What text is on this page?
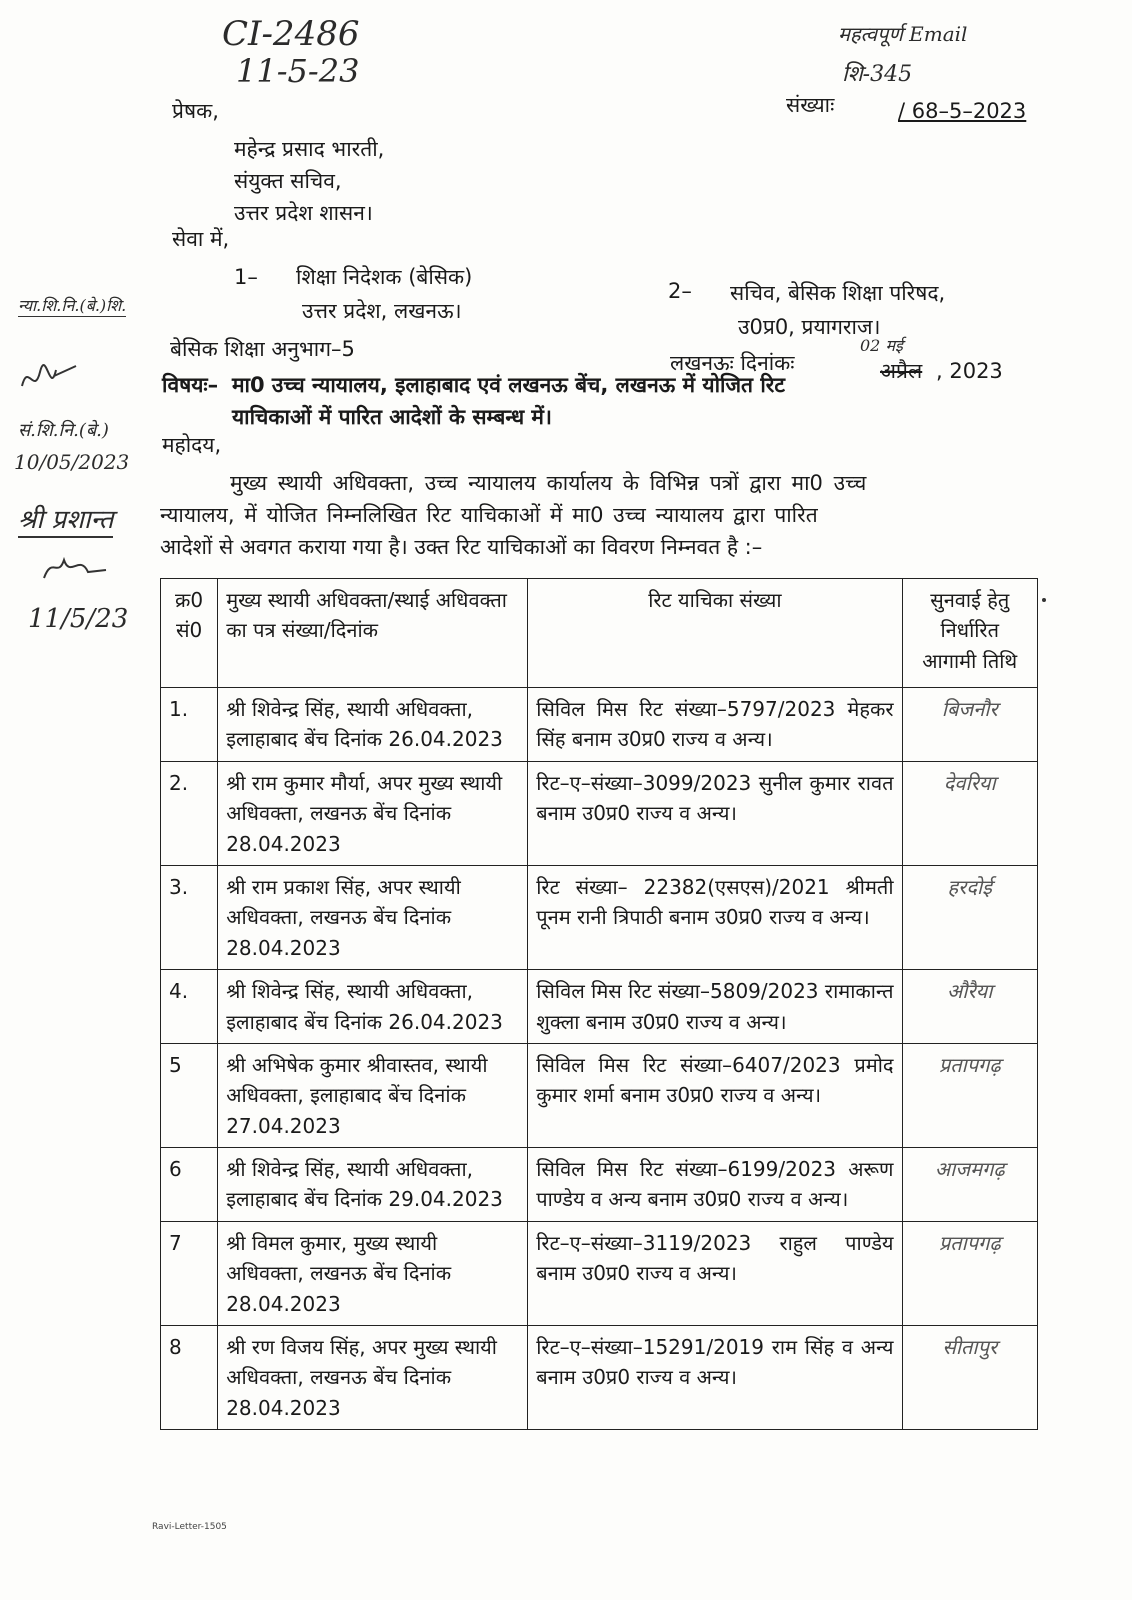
CI-2486
11-5-23
महत्वपूर्ण Email
शि-345
न्या.शि.नि.(बे.)शि.
सं.शि.नि.(बे.)
10/05/2023
श्री प्रशान्त
11/5/23
संख्याः	/ 68–5–2023
प्रेषक,
महेन्द्र प्रसाद भारती,
संयुक्त सचिव,
उत्तर प्रदेश शासन।
सेवा में,
1– शिक्षा निदेशक (बेसिक)
उत्तर प्रदेश, लखनऊ।
2– सचिव, बेसिक शिक्षा परिषद,
उ0प्र0, प्रयागराज।
बेसिक शिक्षा अनुभाग–5
लखनऊः दिनांकः
02 मई
अप्रैल , 2023
विषयः– मा0 उच्च न्यायालय, इलाहाबाद एवं लखनऊ बेंच, लखनऊ में योजित रिट
याचिकाओं में पारित आदेशों के सम्बन्ध में।
महोदय,
मुख्य स्थायी अधिवक्ता, उच्च न्यायालय कार्यालय के विभिन्न पत्रों द्वारा मा0 उच्च
न्यायालय, में योजित निम्नलिखित रिट याचिकाओं में मा0 उच्च न्यायालय द्वारा पारित
आदेशों से अवगत कराया गया है। उक्त रिट याचिकाओं का विवरण निम्नवत है :–
क्र0 सं0	मुख्य स्थायी अधिवक्ता/स्थाई अधिवक्ता का पत्र संख्या/दिनांक	रिट याचिका संख्या	सुनवाई हेतु निर्धारित आगामी तिथि
1.	श्री शिवेन्द्र सिंह, स्थायी अधिवक्ता, इलाहाबाद बेंच दिनांक 26.04.2023	सिविल मिस रिट संख्या–5797/2023 मेहकर सिंह बनाम उ0प्र0 राज्य व अन्य।	बिजनौर
2.	श्री राम कुमार मौर्या, अपर मुख्य स्थायी अधिवक्ता, लखनऊ बेंच दिनांक 28.04.2023	रिट–ए–संख्या–3099/2023 सुनील कुमार रावत बनाम उ0प्र0 राज्य व अन्य।	देवरिया
3.	श्री राम प्रकाश सिंह, अपर स्थायी अधिवक्ता, लखनऊ बेंच दिनांक 28.04.2023	रिट संख्या– 22382(एसएस)/2021 श्रीमती पूनम रानी त्रिपाठी बनाम उ0प्र0 राज्य व अन्य।	हरदोई
4.	श्री शिवेन्द्र सिंह, स्थायी अधिवक्ता, इलाहाबाद बेंच दिनांक 26.04.2023	सिविल मिस रिट संख्या–5809/2023 रामाकान्त शुक्ला बनाम उ0प्र0 राज्य व अन्य।	औरैया
5	श्री अभिषेक कुमार श्रीवास्तव, स्थायी अधिवक्ता, इलाहाबाद बेंच दिनांक 27.04.2023	सिविल मिस रिट संख्या–6407/2023 प्रमोद कुमार शर्मा बनाम उ0प्र0 राज्य व अन्य।	प्रतापगढ़
6	श्री शिवेन्द्र सिंह, स्थायी अधिवक्ता, इलाहाबाद बेंच दिनांक 29.04.2023	सिविल मिस रिट संख्या–6199/2023 अरूण पाण्डेय व अन्य बनाम उ0प्र0 राज्य व अन्य।	आजमगढ़
7	श्री विमल कुमार, मुख्य स्थायी अधिवक्ता, लखनऊ बेंच दिनांक 28.04.2023	रिट–ए–संख्या–3119/2023 राहुल पाण्डेय बनाम उ0प्र0 राज्य व अन्य।	प्रतापगढ़
8	श्री रण विजय सिंह, अपर मुख्य स्थायी अधिवक्ता, लखनऊ बेंच दिनांक 28.04.2023	रिट–ए–संख्या–15291/2019 राम सिंह व अन्य बनाम उ0प्र0 राज्य व अन्य।	सीतापुर
Ravi-Letter-1505
